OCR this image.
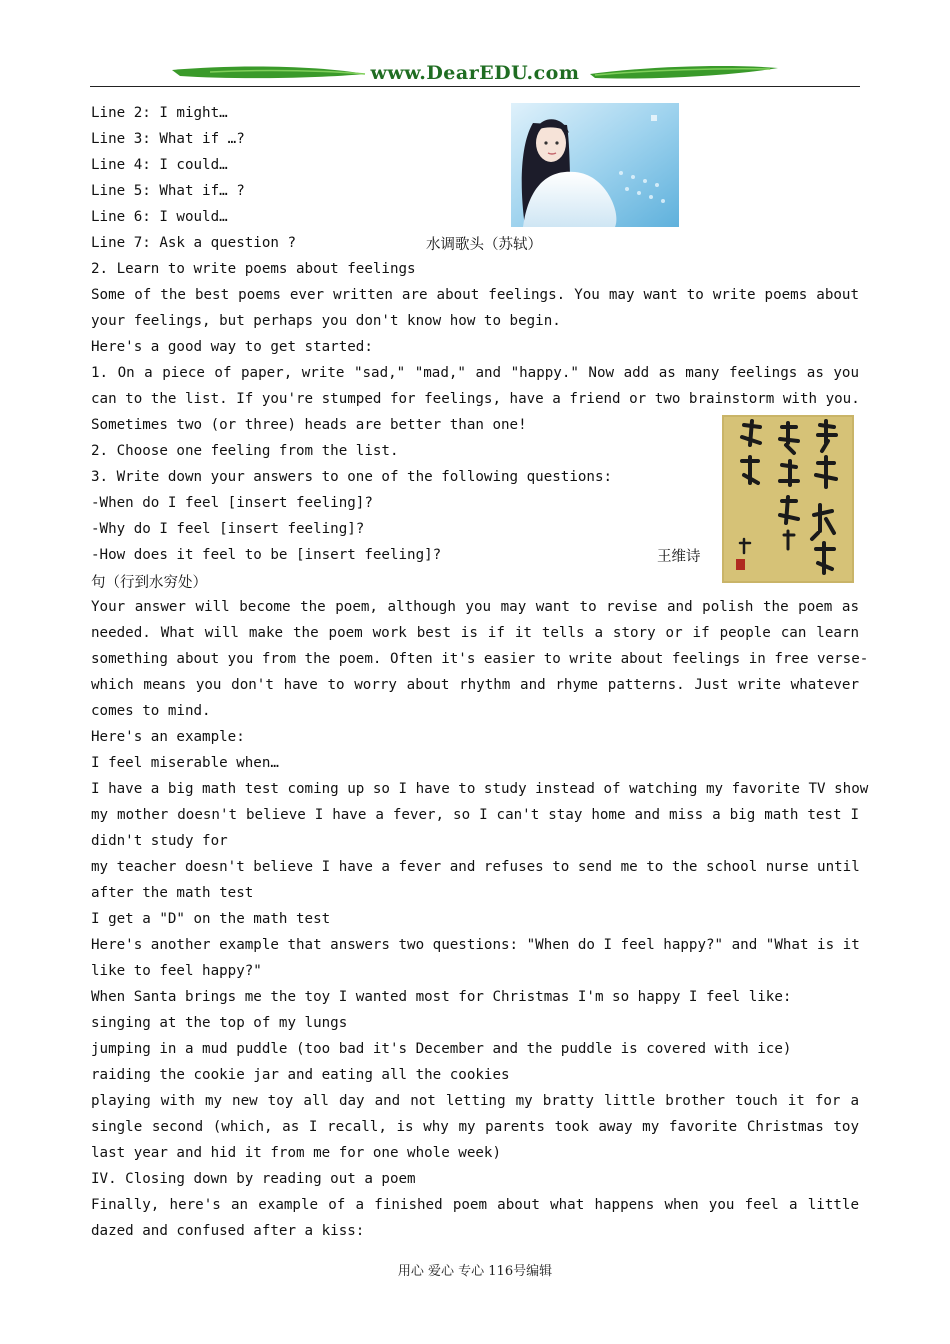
www.DearEDU.com
Line 2: I might…
Line 3: What if …?
Line 4: I could…
Line 5: What if… ?
Line 6: I would…
Line 7: Ask a question ?
2. Learn to write poems about feelings
Some of the best poems ever written are about feelings. You may want to write poems about
your feelings, but perhaps you don't know how to begin.
Here's a good way to get started:
1. On a piece of paper, write "sad," "mad," and "happy." Now add as many feelings as you
can to the list. If you're stumped for feelings, have a friend or two brainstorm with you.
Sometimes two (or three) heads are better than one!
2. Choose one feeling from the list.
3. Write down your answers to one of the following questions:
-When do I feel [insert feeling]?
-Why do I feel [insert feeling]?
-How does it feel to be [insert feeling]?
Your answer will become the poem, although you may want to revise and polish the poem as
needed. What will make the poem work best is if it tells a story or if people can learn
something about you from the poem. Often it's easier to write about feelings in free verse-
which means you don't have to worry about rhythm and rhyme patterns. Just write whatever
comes to mind.
Here's an example:
I feel miserable when…
I have a big math test coming up so I have to study instead of watching my favorite TV show
my mother doesn't believe I have a fever, so I can't stay home and miss a big math test I
didn't study for
my teacher doesn't believe I have a fever and refuses to send me to the school nurse until
after the math test
I get a "D" on the math test
Here's another example that answers two questions: "When do I feel happy?" and "What is it
like to feel happy?"
When Santa brings me the toy I wanted most for Christmas I'm so happy I feel like:
singing at the top of my lungs
jumping in a mud puddle (too bad it's December and the puddle is covered with ice)
raiding the cookie jar and eating all the cookies
playing with my new toy all day and not letting my bratty little brother touch it for a
single second (which, as I recall, is why my parents took away my favorite Christmas toy
last year and hid it from me for one whole week)
IV. Closing down by reading out a poem
Finally, here's an example of a finished poem about what happens when you feel a little
dazed and confused after a kiss:
水调歌头（苏轼）
王维诗
句（行到水穷处）
用心 爱心 专心 116号编辑
